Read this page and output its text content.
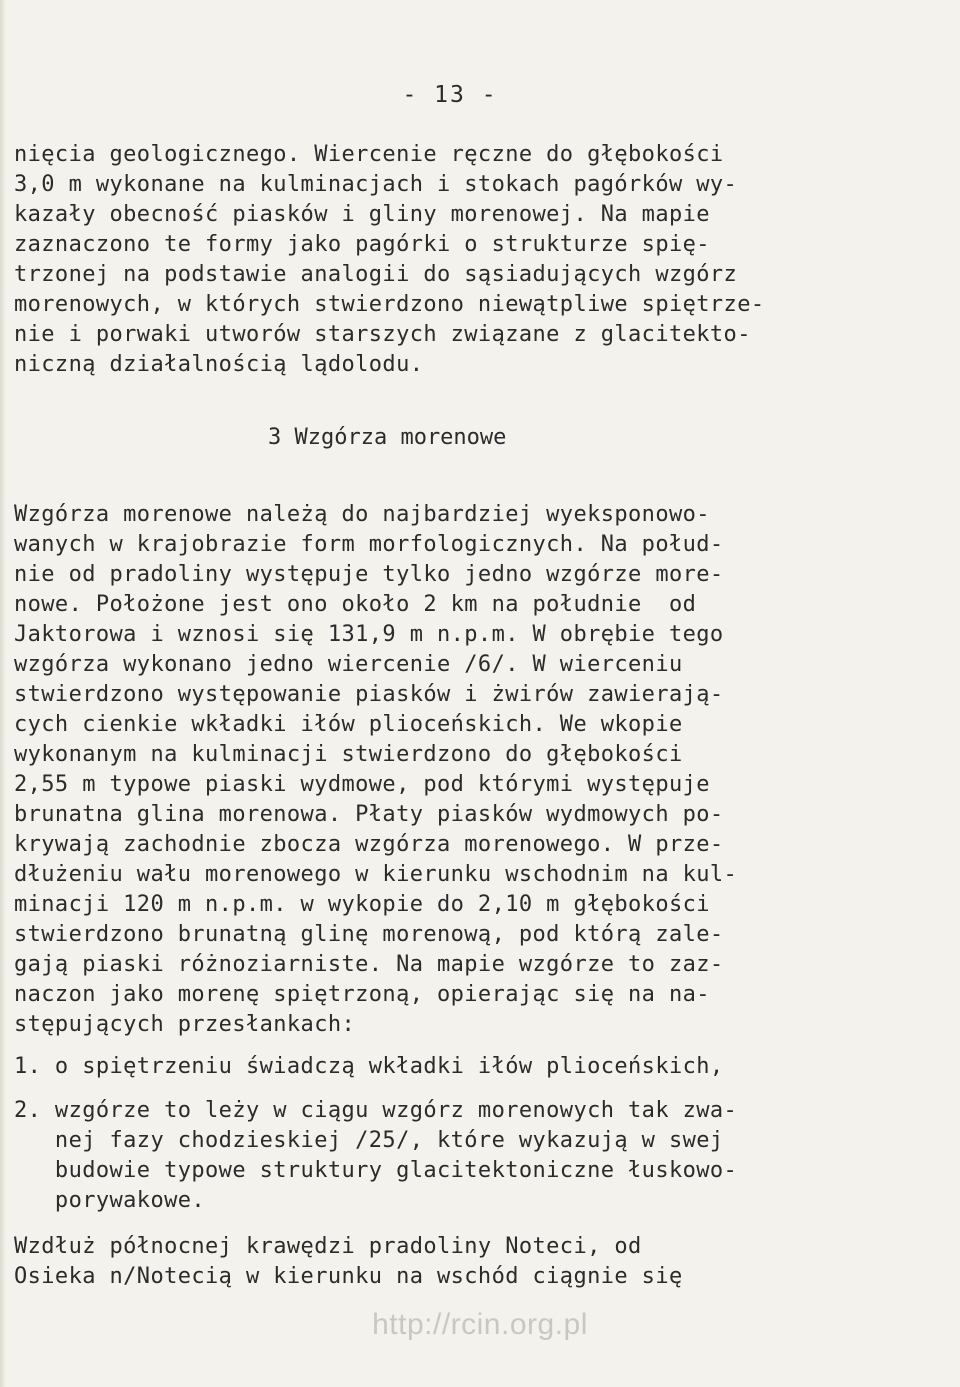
- 13 -
nięcia geologicznego. Wiercenie ręczne do głębokości
3,0 m wykonane na kulminacjach i stokach pagórków wy-
kazały obecność piasków i gliny morenowej. Na mapie
zaznaczono te formy jako pagórki o strukturze spię-
trzonej na podstawie analogii do sąsiadujących wzgórz
morenowych, w których stwierdzono niewątpliwe spiętrze-
nie i porwaki utworów starszych związane z glacitekto-
niczną działalnością lądolodu.
3 Wzgórza morenowe
Wzgórza morenowe należą do najbardziej wyeksponowo-
wanych w krajobrazie form morfologicznych. Na połud-
nie od pradoliny występuje tylko jedno wzgórze more-
nowe. Położone jest ono około 2 km na południe  od
Jaktorowa i wznosi się 131,9 m n.p.m. W obrębie tego
wzgórza wykonano jedno wiercenie /6/. W wierceniu
stwierdzono występowanie piasków i żwirów zawierają-
cych cienkie wkładki iłów plioceńskich. We wkopie
wykonanym na kulminacji stwierdzono do głębokości
2,55 m typowe piaski wydmowe, pod którymi występuje
brunatna glina morenowa. Płaty piasków wydmowych po-
krywają zachodnie zbocza wzgórza morenowego. W prze-
dłużeniu wału morenowego w kierunku wschodnim na kul-
minacji 120 m n.p.m. w wykopie do 2,10 m głębokości
stwierdzono brunatną glinę morenową, pod którą zale-
gają piaski różnoziarniste. Na mapie wzgórze to zaz-
naczon jako morenę spiętrzoną, opierając się na na-
stępujących przesłankach:
1. o spiętrzeniu świadczą wkładki iłów plioceńskich,
2. wzgórze to leży w ciągu wzgórz morenowych tak zwa-
nej fazy chodzieskiej /25/, które wykazują w swej
budowie typowe struktury glacitektoniczne łuskowo-
porywakowe.
Wzdłuż północnej krawędzi pradoliny Noteci, od
Osieka n/Notecią w kierunku na wschód ciągnie się
http://rcin.org.pl
